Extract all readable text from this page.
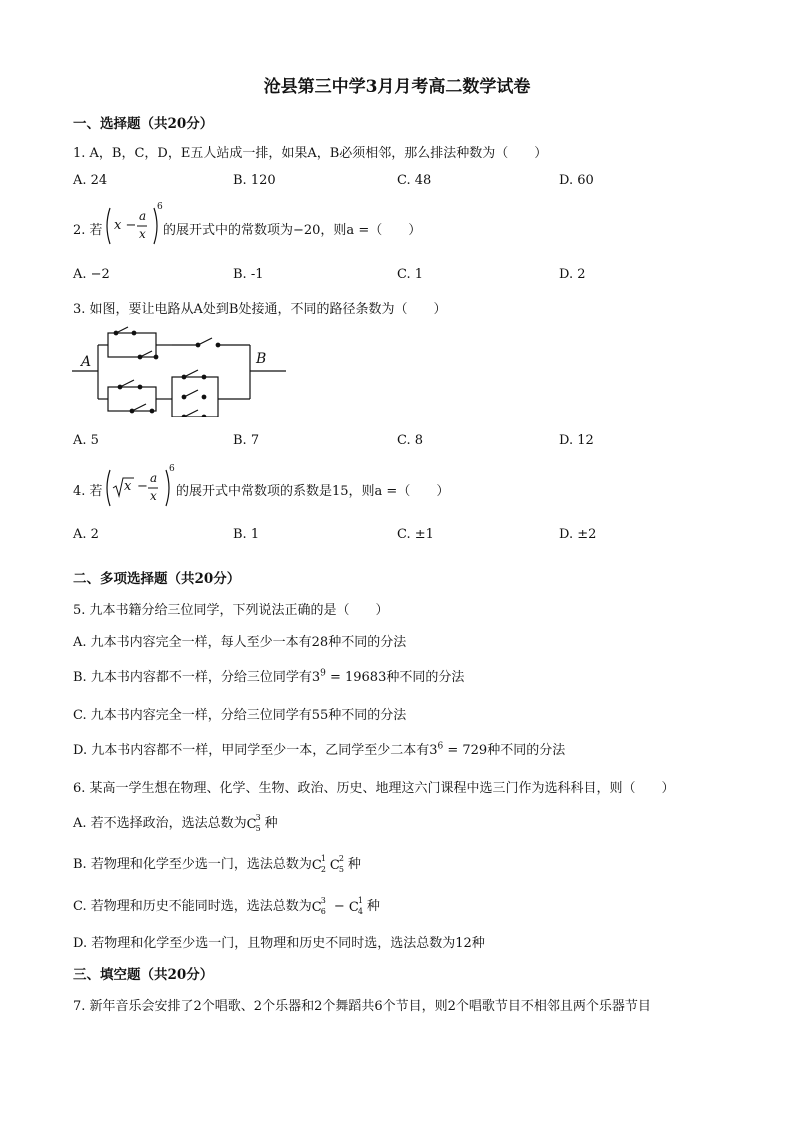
沧县第三中学3月月考高二数学试卷
一、选择题（共20分）
1. A，B，C，D，E五人站成一排，如果A，B必须相邻，那么排法种数为（　　）
A. 24	B. 120	C. 48	D. 60
2. 若 x −
a
x
6
的展开式中的常数项为−20，则a =（　　）
A. −2	B. -1	C. 1	D. 2
3. 如图，要让电路从A处到B处接通，不同的路径条数为（　　）
A	B
A. 5	B. 7	C. 8	D. 12
4. 若 x −
a
x
6
的展开式中常数项的系数是15，则a =（　　）
A. 2	B. 1	C. ±1	D. ±2
二、多项选择题（共20分）
5. 九本书籍分给三位同学，下列说法正确的是（　　）
A. 九本书内容完全一样，每人至少一本有28种不同的分法
B. 九本书内容都不一样，分给三位同学有$3^9 = 19683$种不同的分法
C. 九本书内容完全一样，分给三位同学有55种不同的分法
D. 九本书内容都不一样，甲同学至少一本，乙同学至少二本有$3^6 = 729$种不同的分法
6. 某高一学生想在物理、化学、生物、政治、历史、地理这六门课程中选三门作为选科科目，则（　　）
A. 若不选择政治，选法总数为 C 3
5 种
B. 若物理和化学至少选一门，选法总数为 C 1
2 C 2
5 种
C. 若物理和历史不能同时选，选法总数为 C 3
6 − C 1
4 种
D. 若物理和化学至少选一门，且物理和历史不同时选，选法总数为12种
三、填空题（共20分）
7. 新年音乐会安排了2个唱歌、2个乐器和2个舞蹈共6个节目，则2个唱歌节目不相邻且两个乐器节目
